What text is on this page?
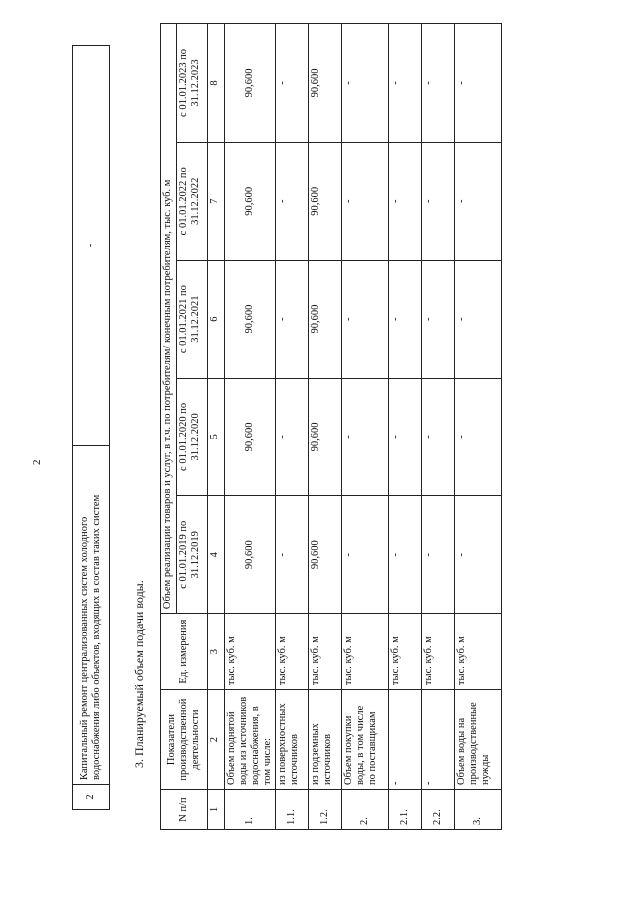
2
2	Капитальный ремонт централизованных систем холодного водоснабжения либо объектов, входящих в состав таких систем	-
3. Планируемый объем подачи воды.
N п/п	Показатели производственной деятельности	Ед. измерения	Объем реализации товаров и услуг, в т.ч. по потребителям/ конечным потребителям, тыс. куб. м				
			с 01.01.2019 по 31.12.2019	с 01.01.2020 по 31.12.2020	с 01.01.2021 по 31.12.2021	с 01.01.2022 по 31.12.2022	с 01.01.2023 по 31.12.2023
1	2	3	4	5	6	7	8
1.	Объем поднятой воды из источников водоснабжения, в том числе:	тыс. куб. м	90,600	90,600	90,600	90,600	90,600
1.1.	из поверхностных источников	тыс. куб. м	-	-	-	-	-
1.2.	из подземных источников	тыс. куб. м	90,600	90,600	90,600	90,600	90,600
2.	Объем покупки воды, в том числе по поставщикам	тыс. куб. м	-	-	-	-	-
2.1.	-	тыс. куб. м	-	-	-	-	-
2.2.	-	тыс. куб. м	-	-	-	-	-
3.	Объем воды на производственные нужды	тыс. куб. м	-	-	-	-	-
